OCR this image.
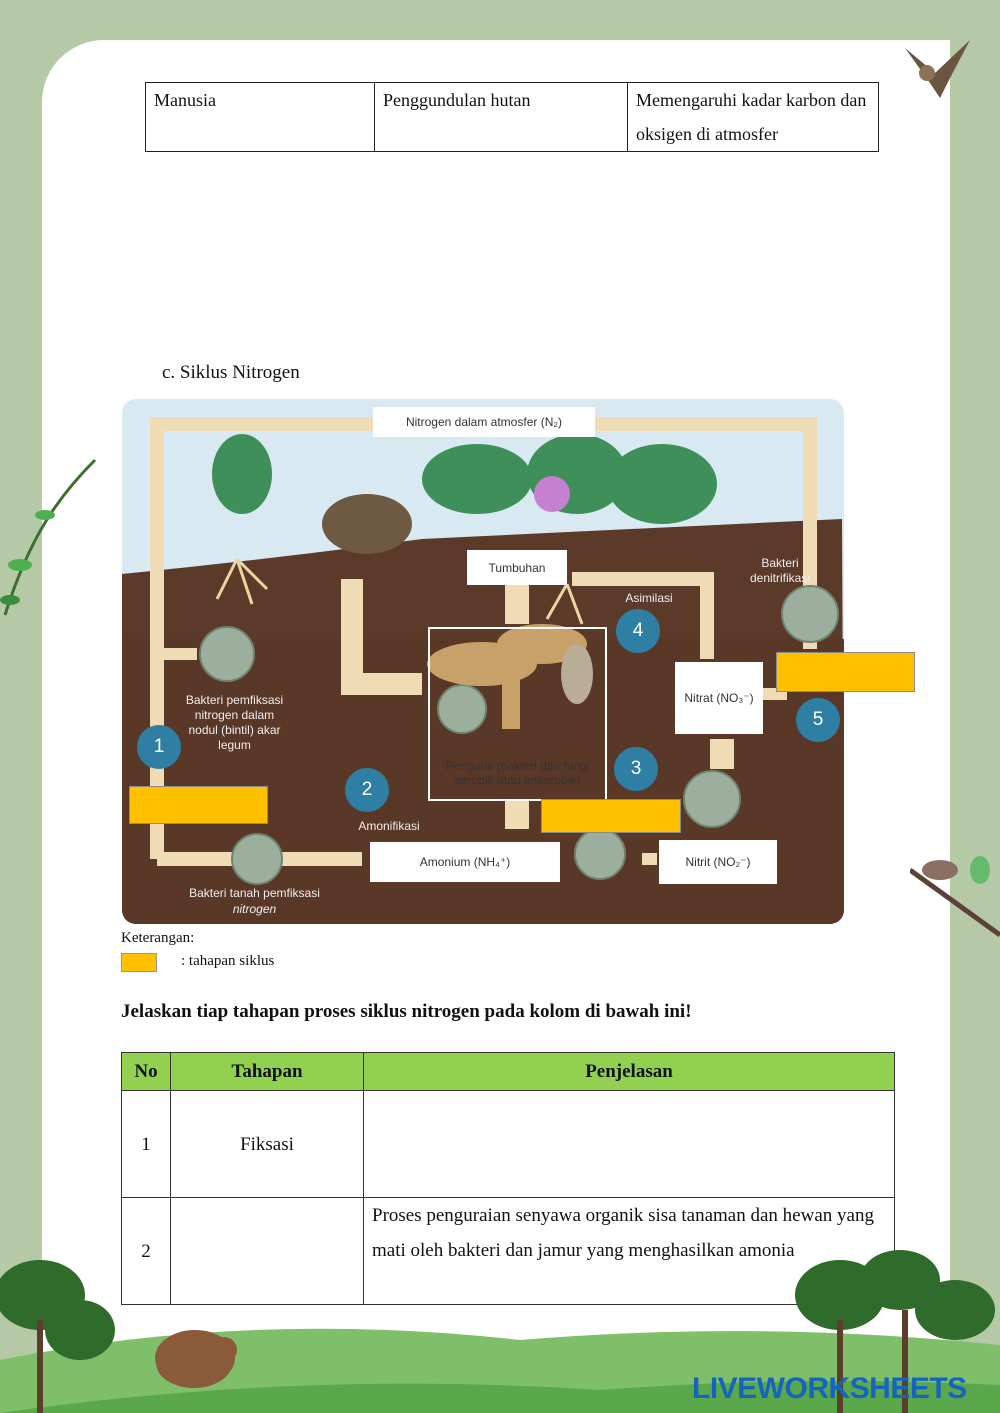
Manusia	Penggundulan hutan	Memengaruhi kadar karbon dan oksigen di atmosfer
c. Siklus Nitrogen
Nitrogen dalam atmosfer (N₂)
Tumbuhan
Pengurai (bakteri dan fungi aerobik atau anaerobik)
Amonium (NH₄⁺)	Nitrit (NO₂⁻)
Nitrat (NO₃⁻)
Asimilasi
Bakteri denitrifikasi
Bakteri pemfiksasi nitrogen dalam nodul (bintil) akar legum
Amonifikasi
Bakteri tanah pemfiksasi
nitrogen
1
2
3
4
5
Keterangan:
: tahapan siklus
Jelaskan tiap tahapan proses siklus nitrogen pada kolom di bawah ini!
No	Tahapan	Penjelasan
1	Fiksasi	
2		Proses penguraian senyawa organik sisa tanaman dan hewan yang mati oleh bakteri dan jamur yang menghasilkan amonia
LIVEWORKSHEETS
